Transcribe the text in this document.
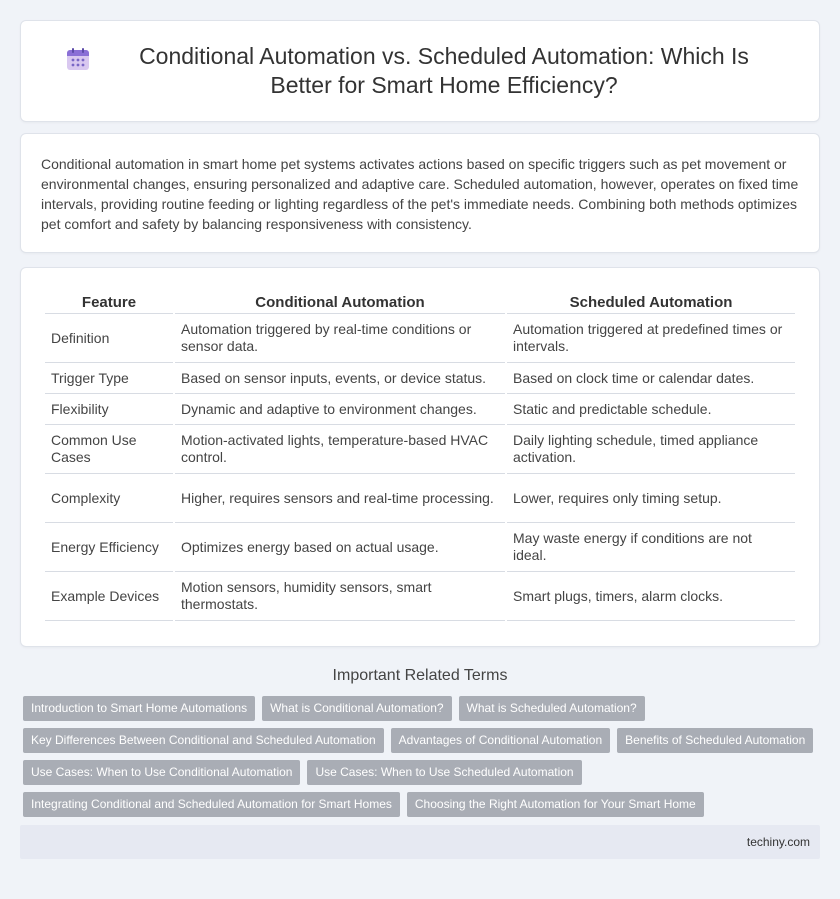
Conditional Automation vs. Scheduled Automation: Which Is Better for Smart Home Efficiency?
Conditional automation in smart home pet systems activates actions based on specific triggers such as pet movement or environmental changes, ensuring personalized and adaptive care. Scheduled automation, however, operates on fixed time intervals, providing routine feeding or lighting regardless of the pet's immediate needs. Combining both methods optimizes pet comfort and safety by balancing responsiveness with consistency.
Feature	Conditional Automation	Scheduled Automation
Definition	Automation triggered by real-time conditions or sensor data.	Automation triggered at predefined times or intervals.
Trigger Type	Based on sensor inputs, events, or device status.	Based on clock time or calendar dates.
Flexibility	Dynamic and adaptive to environment changes.	Static and predictable schedule.
Common Use Cases	Motion-activated lights, temperature-based HVAC control.	Daily lighting schedule, timed appliance activation.
Complexity	Higher, requires sensors and real-time processing.	Lower, requires only timing setup.
Energy Efficiency	Optimizes energy based on actual usage.	May waste energy if conditions are not ideal.
Example Devices	Motion sensors, humidity sensors, smart thermostats.	Smart plugs, timers, alarm clocks.
Important Related Terms
Introduction to Smart Home Automations	What is Conditional Automation?	What is Scheduled Automation?
Key Differences Between Conditional and Scheduled Automation	Advantages of Conditional Automation	Benefits of Scheduled Automation
Use Cases: When to Use Conditional Automation	Use Cases: When to Use Scheduled Automation
Integrating Conditional and Scheduled Automation for Smart Homes	Choosing the Right Automation for Your Smart Home
techiny.com
